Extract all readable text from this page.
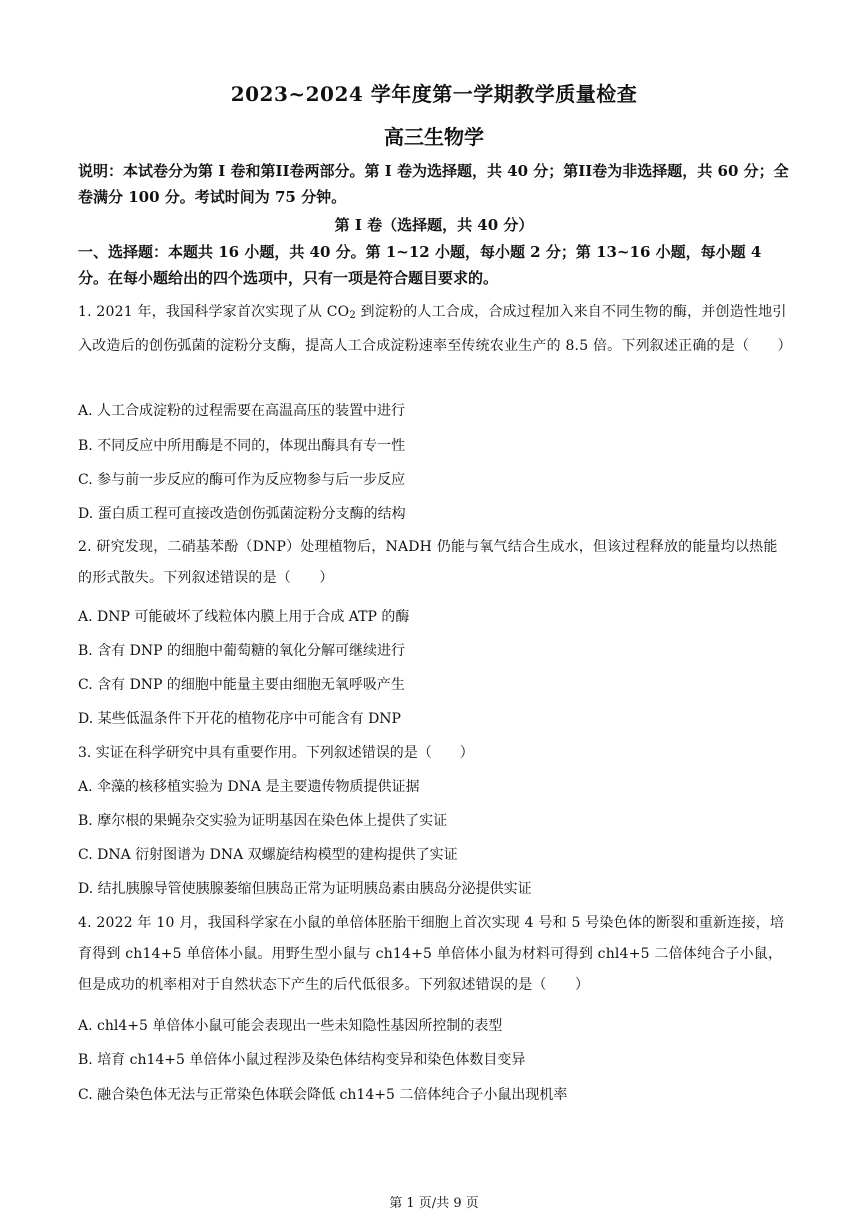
2023~2024 学年度第一学期教学质量检查
高三生物学
说明：本试卷分为第 I 卷和第II卷两部分。第 I 卷为选择题，共 40 分；第II卷为非选择题，共 60 分；全卷满分 100 分。考试时间为 75 分钟。
第 I 卷（选择题，共 40 分）
一、选择题：本题共 16 小题，共 40 分。第 1~12 小题，每小题 2 分；第 13~16 小题，每小题 4 分。在每小题给出的四个选项中，只有一项是符合题目要求的。
1. 2021 年，我国科学家首次实现了从 $CO_2$ 到淀粉的人工合成，合成过程加入来自不同生物的酶，并创造性地引入改造后的创伤弧菌的淀粉分支酶，提高人工合成淀粉速率至传统农业生产的 8.5 倍。下列叙述正确的是（　　）
A. 人工合成淀粉的过程需要在高温高压的装置中进行
B. 不同反应中所用酶是不同的，体现出酶具有专一性
C. 参与前一步反应的酶可作为反应物参与后一步反应
D. 蛋白质工程可直接改造创伤弧菌淀粉分支酶的结构
2. 研究发现，二硝基苯酚（DNP）处理植物后，NADH 仍能与氧气结合生成水，但该过程释放的能量均以热能的形式散失。下列叙述错误的是（　　）
A. DNP 可能破坏了线粒体内膜上用于合成 ATP 的酶
B. 含有 DNP 的细胞中葡萄糖的氧化分解可继续进行
C. 含有 DNP 的细胞中能量主要由细胞无氧呼吸产生
D. 某些低温条件下开花的植物花序中可能含有 DNP
3. 实证在科学研究中具有重要作用。下列叙述错误的是（　　）
A. 伞藻的核移植实验为 DNA 是主要遗传物质提供证据
B. 摩尔根的果蝇杂交实验为证明基因在染色体上提供了实证
C. DNA 衍射图谱为 DNA 双螺旋结构模型的建构提供了实证
D. 结扎胰腺导管使胰腺萎缩但胰岛正常为证明胰岛素由胰岛分泌提供实证
4. 2022 年 10 月，我国科学家在小鼠的单倍体胚胎干细胞上首次实现 4 号和 5 号染色体的断裂和重新连接，培育得到 ch14+5 单倍体小鼠。用野生型小鼠与 ch14+5 单倍体小鼠为材料可得到 chl4+5 二倍体纯合子小鼠，但是成功的机率相对于自然状态下产生的后代低很多。下列叙述错误的是（　　）
A. chl4+5 单倍体小鼠可能会表现出一些未知隐性基因所控制的表型
B. 培育 ch14+5 单倍体小鼠过程涉及染色体结构变异和染色体数目变异
C. 融合染色体无法与正常染色体联会降低 ch14+5 二倍体纯合子小鼠出现机率
第 1 页/共 9 页
